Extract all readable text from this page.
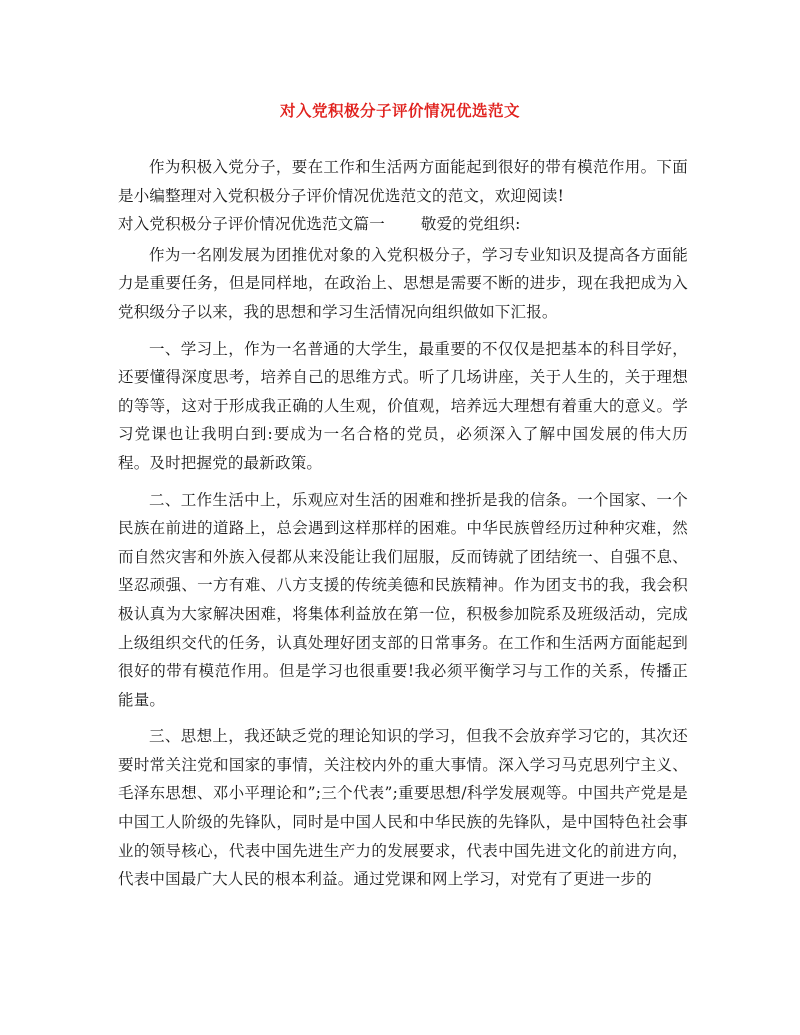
对入党积极分子评价情况优选范文

作为积极入党分子，要在工作和生活两方面能起到很好的带有模范作用。下面是小编整理对入党积极分子评价情况优选范文的范文，欢迎阅读!

对入党积极分子评价情况优选范文篇一 敬爱的党组织:

作为一名刚发展为团推优对象的入党积极分子，学习专业知识及提高各方面能力是重要任务，但是同样地，在政治上、思想是需要不断的进步，现在我把成为入党积级分子以来，我的思想和学习生活情况向组织做如下汇报。

一、学习上，作为一名普通的大学生，最重要的不仅仅是把基本的科目学好，还要懂得深度思考，培养自己的思维方式。听了几场讲座，关于人生的，关于理想的等等，这对于形成我正确的人生观，价值观，培养远大理想有着重大的意义。学习党课也让我明白到:要成为一名合格的党员，必须深入了解中国发展的伟大历程。及时把握党的最新政策。

二、工作生活中上，乐观应对生活的困难和挫折是我的信条。一个国家、一个民族在前进的道路上，总会遇到这样那样的困难。中华民族曾经历过种种灾难，然而自然灾害和外族入侵都从来没能让我们屈服，反而铸就了团结统一、自强不息、坚忍顽强、一方有难、八方支援的传统美德和民族精神。作为团支书的我，我会积极认真为大家解决困难，将集体利益放在第一位，积极参加院系及班级活动，完成上级组织交代的任务，认真处理好团支部的日常事务。在工作和生活两方面能起到很好的带有模范作用。但是学习也很重要!我必须平衡学习与工作的关系，传播正能量。

三、思想上，我还缺乏党的理论知识的学习，但我不会放弃学习它的，其次还要时常关注党和国家的事情，关注校内外的重大事情。深入学习马克思列宁主义、毛泽东思想、邓小平理论和”;三个代表”;重要思想/科学发展观等。中国共产党是是中国工人阶级的先锋队，同时是中国人民和中华民族的先锋队，是中国特色社会事业的领导核心，代表中国先进生产力的发展要求，代表中国先进文化的前进方向，代表中国最广大人民的根本利益。通过党课和网上学习，对党有了更进一步的
